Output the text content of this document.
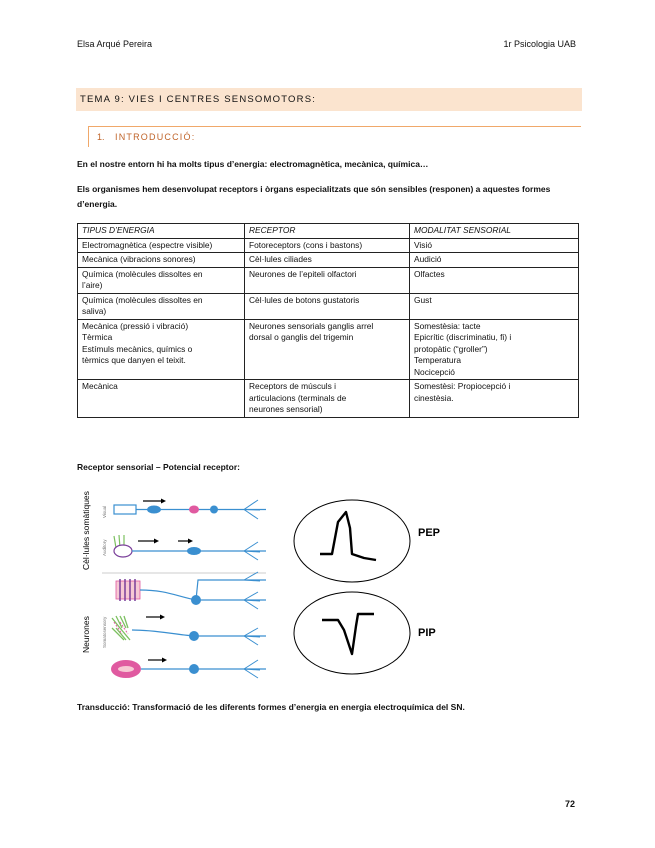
Elsa Arqué Pereira	1r Psicologia UAB
TEMA 9: VIES I CENTRES SENSOMOTORS:
1. INTRODUCCIÓ:
En el nostre entorn hi ha molts tipus d’energia: electromagnètica, mecànica, química…
Els organismes hem desenvolupat receptors i òrgans especialitzats que són sensibles (responen) a aquestes formes d’energia.
TIPUS D’ENERGIA	RECEPTOR	MODALITAT SENSORIAL

Electromagnètica (espectre visible)	Fotoreceptors (cons i bastons)	Visió

Mecànica (vibracions sonores)	Cèl·lules ciliades	Audició

Química (molècules dissoltes en
l’aire)	Neurones de l’epiteli olfactori	Olfactes

Química (molècules dissoltes en
saliva)	Cèl·lules de botons gustatoris	Gust

Mecànica (pressió i vibració)
Tèrmica
Estímuls mecànics, químics o
tèrmics que danyen el teixit.	Neurones sensorials ganglis arrel
dorsal o ganglis del trigemin	Somestèsia: tacte
Epicrític (discriminatiu, fi) i
protopàtic (“groller”)
Temperatura
Nocicepció

Mecànica	Receptors de músculs i
articulacions (terminals de
neurones sensorial)	Somestèsi: Propiocepció i
cinestèsia.
Receptor sensorial – Potencial receptor:
Cèl·lules somàtiques
Neurones
Visual
Auditory
Somatosensory
PEP
PIP
Transducció: Transformació de les diferents formes d’energia en energia electroquímica del SN.
72
